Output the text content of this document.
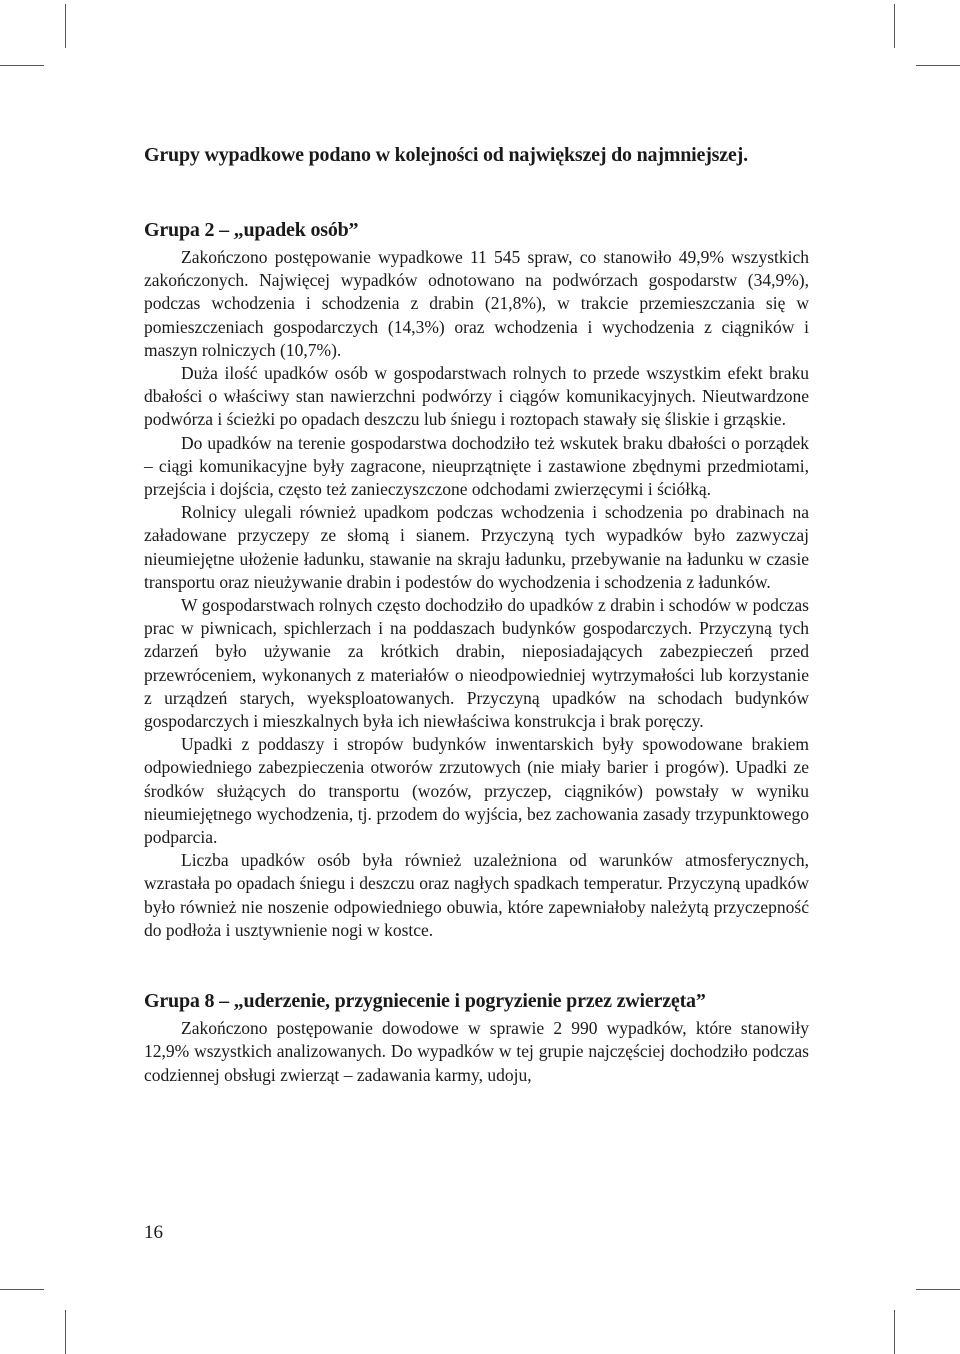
Grupy wypadkowe podano w kolejności od największej do najmniejszej.
Grupa 2 – „upadek osób”

Zakończono postępowanie wypadkowe 11 545 spraw, co stanowiło 49,9% wszystkich zakończonych. Najwięcej wypadków odnotowano na podwórzach gospodarstw (34,9%), podczas wchodzenia i schodzenia z drabin (21,8%), w trakcie przemieszczania się w pomieszczeniach gospodarczych (14,3%) oraz wchodzenia i wychodzenia z ciągników i maszyn rolniczych (10,7%).

Duża ilość upadków osób w gospodarstwach rolnych to przede wszystkim efekt braku dbałości o właściwy stan nawierzchni podwórzy i ciągów komunikacyjnych. Nieutwardzone podwórza i ścieżki po opadach deszczu lub śniegu i roztopach stawały się śliskie i grząskie.

Do upadków na terenie gospodarstwa dochodziło też wskutek braku dbałości o porządek – ciągi komunikacyjne były zagracone, nieuprzątnięte i zastawione zbędnymi przedmiotami, przejścia i dojścia, często też zanieczyszczone odchodami zwierzęcymi i ściółką.

Rolnicy ulegali również upadkom podczas wchodzenia i schodzenia po drabinach na załadowane przyczepy ze słomą i sianem. Przyczyną tych wypadków było zazwyczaj nieumiejętne ułożenie ładunku, stawanie na skraju ładunku, przebywanie na ładunku w czasie transportu oraz nieużywanie drabin i podestów do wychodzenia i schodzenia z ładunków.

W gospodarstwach rolnych często dochodziło do upadków z drabin i schodów w podczas prac w piwnicach, spichlerzach i na poddaszach budynków gospodarczych. Przyczyną tych zdarzeń było używanie za krótkich drabin, nieposiadających zabezpieczeń przed przewróceniem, wykonanych z materiałów o nieodpowiedniej wytrzymałości lub korzystanie z urządzeń starych, wyeksploatowanych. Przyczyną upadków na schodach budynków gospodarczych i mieszkalnych była ich niewłaściwa konstrukcja i brak poręczy.

Upadki z poddaszy i stropów budynków inwentarskich były spowodowane brakiem odpowiedniego zabezpieczenia otworów zrzutowych (nie miały barier i progów). Upadki ze środków służących do transportu (wozów, przyczep, ciągników) powstały w wyniku nieumiejętnego wychodzenia, tj. przodem do wyjścia, bez zachowania zasady trzypunktowego podparcia.

Liczba upadków osób była również uzależniona od warunków atmosferycznych, wzrastała po opadach śniegu i deszczu oraz nagłych spadkach temperatur. Przyczyną upadków było również nie noszenie odpowiedniego obuwia, które zapewniałoby należytą przyczepność do podłoża i usztywnienie nogi w kostce.

Grupa 8 – „uderzenie, przygniecenie i pogryzienie przez zwierzęta”

Zakończono postępowanie dowodowe w sprawie 2 990 wypadków, które stanowiły 12,9% wszystkich analizowanych. Do wypadków w tej grupie najczęściej dochodziło podczas codziennej obsługi zwierząt – zadawania karmy, udoju,

16
